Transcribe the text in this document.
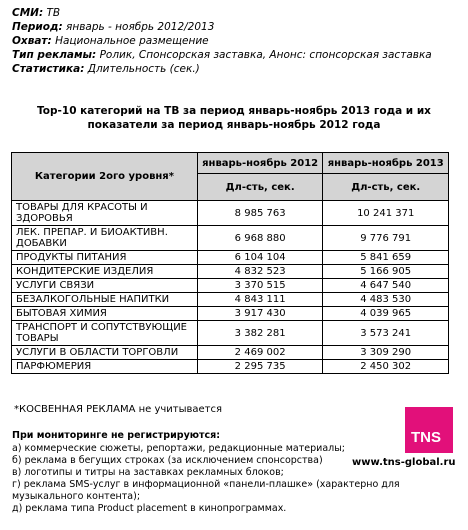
СМИ: ТВ
Период: январь - ноябрь 2012/2013
Охват: Национальное размещение
Тип рекламы: Ролик, Спонсорская заставка, Анонс: спонсорская заставка
Статистика: Длительность (сек.)
Top-10 категорий на ТВ за период январь-ноябрь 2013 года и их
показатели за период январь-ноябрь 2012 года
Категории 2ого уровня*	январь-ноябрь 2012	январь-ноябрь 2013
	Дл-сть, сек.	Дл-сть, сек.
ТОВАРЫ ДЛЯ КРАСОТЫ И ЗДОРОВЬЯ	8 985 763	10 241 371
ЛЕК. ПРЕПАР. И БИОАКТИВН. ДОБАВКИ	6 968 880	9 776 791
ПРОДУКТЫ ПИТАНИЯ	6 104 104	5 841 659
КОНДИТЕРСКИЕ ИЗДЕЛИЯ	4 832 523	5 166 905
УСЛУГИ СВЯЗИ	3 370 515	4 647 540
БЕЗАЛКОГОЛЬНЫЕ НАПИТКИ	4 843 111	4 483 530
БЫТОВАЯ ХИМИЯ	3 917 430	4 039 965
ТРАНСПОРТ И СОПУТСТВУЮЩИЕ ТОВАРЫ	3 382 281	3 573 241
УСЛУГИ В ОБЛАСТИ ТОРГОВЛИ	2 469 002	3 309 290
ПАРФЮМЕРИЯ	2 295 735	2 450 302
*КОСВЕННАЯ РЕКЛАМА не учитывается
При мониторинге не регистрируются:
а) коммерческие сюжеты, репортажи, редакционные материалы;
б) реклама в бегущих строках (за исключением спонсорства)
в) логотипы и титры на заставках рекламных блоков;
г) реклама SMS-услуг в информационной «панели-плашке» (характерно для музыкального контента);
д) реклама типа Product placement в кинопрограммах.
TNS
www.tns-global.ru
